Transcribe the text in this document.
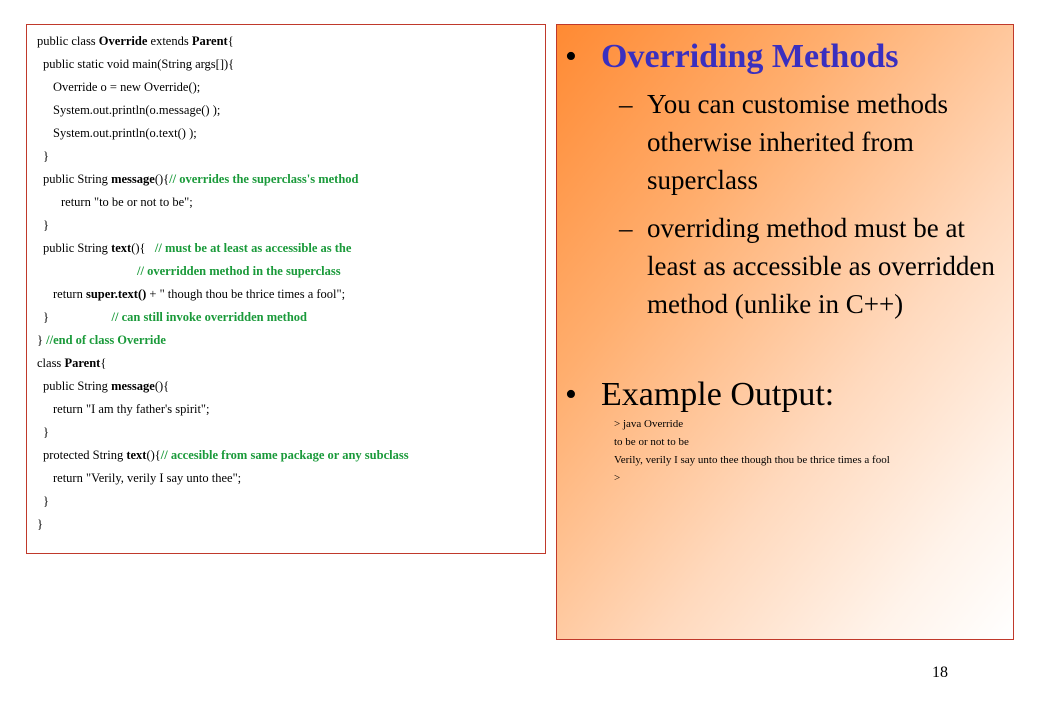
public class Override extends Parent{
public static void main(String args[]){
Override o = new Override();
System.out.println(o.message() );
System.out.println(o.text() );
}
public String message(){// overrides the superclass's method
return "to be or not to be";
}
public String text(){   // must be at least as accessible as the
// overridden method in the superclass
return super.text() + " though thou be thrice times a fool";
}                    // can still invoke overridden method
} //end of class Override
class Parent{
public String message(){
return "I am thy father's spirit";
}
protected String text(){// accesible from same package or any subclass
return "Verily, verily I say unto thee";
}
}
• Overriding Methods
– You can customise methods otherwise inherited from superclass
– overriding method must be at least as accessible as overridden method (unlike in C++)
• Example Output:
> java Override
to be or not to be
Verily, verily I say unto thee though thou be thrice times a fool
>
18
